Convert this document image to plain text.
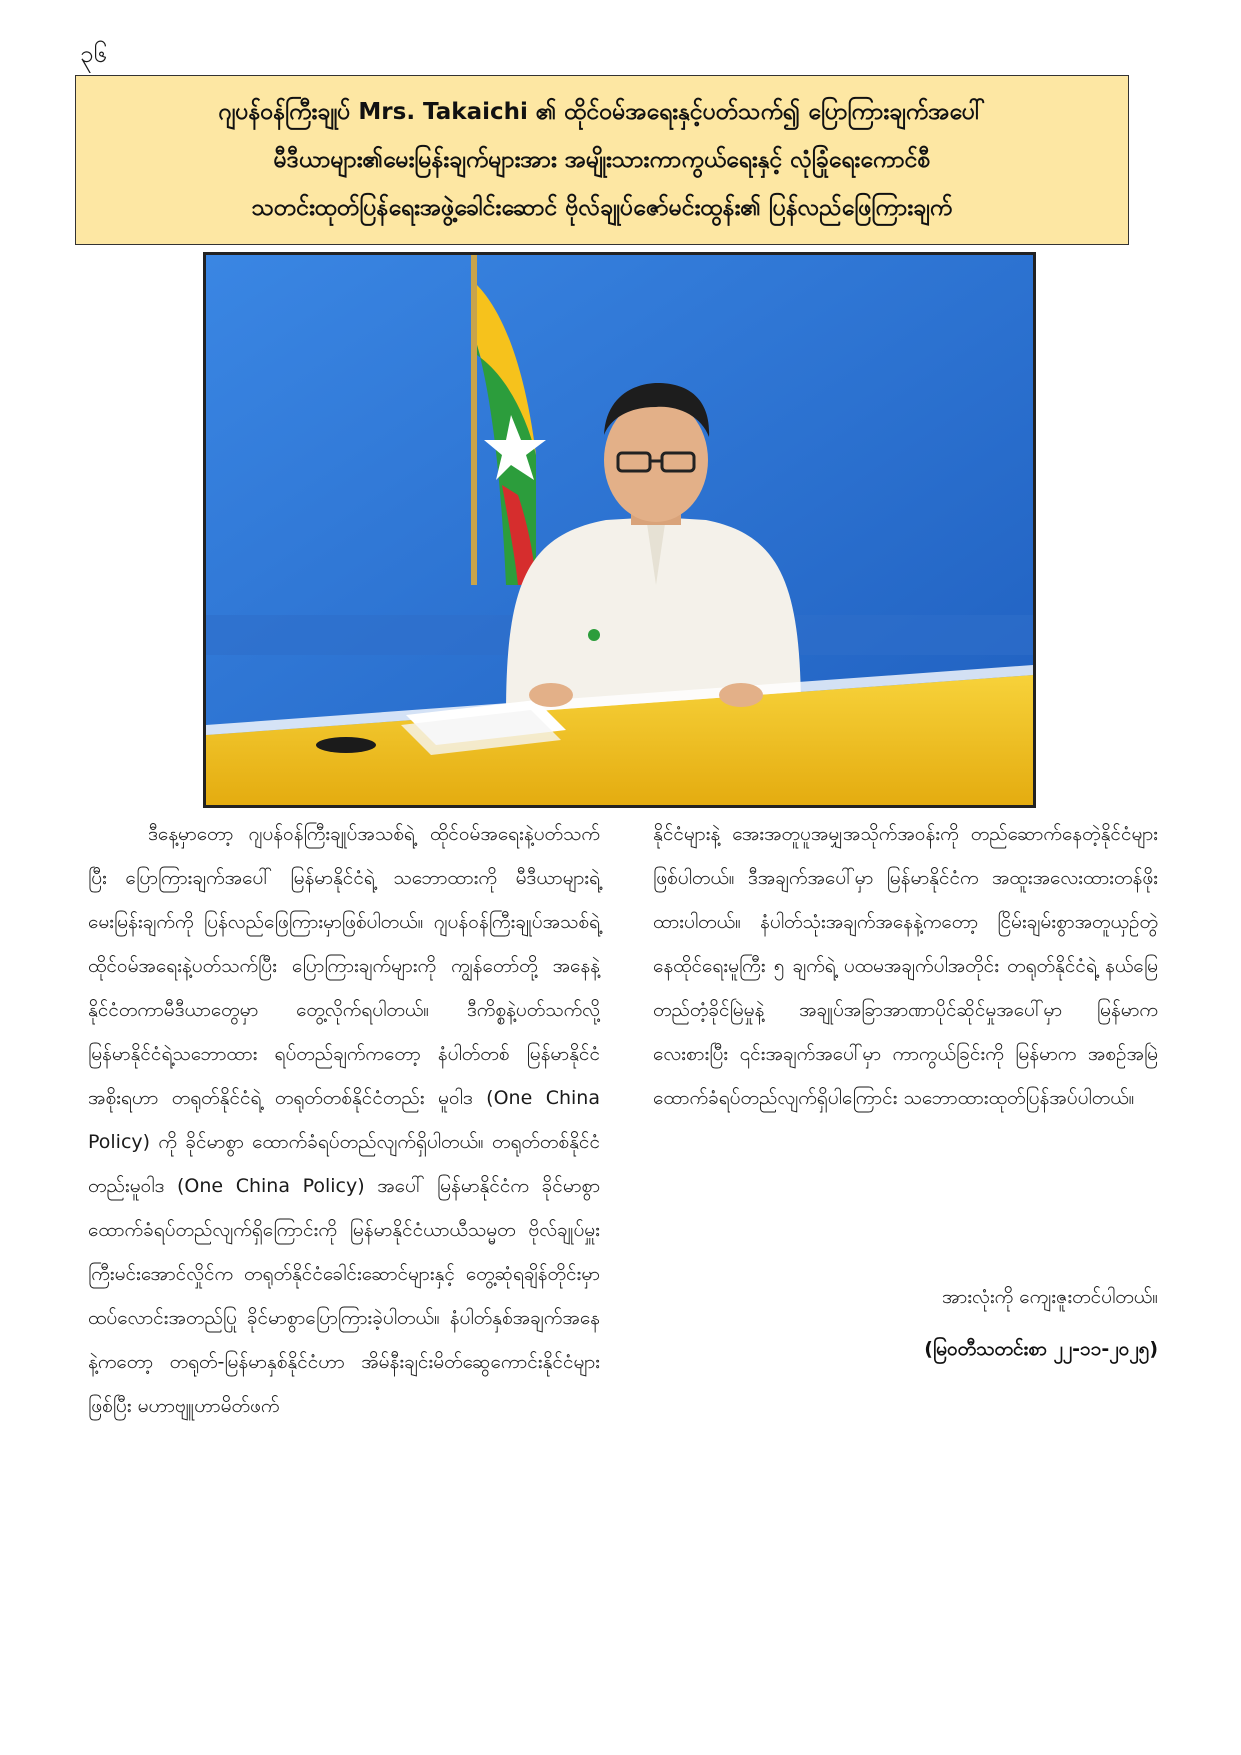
၃၆
ဂျပန်ဝန်ကြီးချုပ် Mrs. Takaichi ၏ ထိုင်ဝမ်အရေးနှင့်ပတ်သက်၍ ပြောကြားချက်အပေါ်
မီဒီယာများ၏မေးမြန်းချက်များအား အမျိုးသားကာကွယ်ရေးနှင့် လုံခြုံရေးကောင်စီ
သတင်းထုတ်ပြန်ရေးအဖွဲ့ခေါင်းဆောင် ဗိုလ်ချုပ်ဇော်မင်းထွန်း၏ ပြန်လည်ဖြေကြားချက်

ဒီနေ့မှာတော့ ဂျပန်ဝန်ကြီးချုပ်အသစ်ရဲ့ ထိုင်ဝမ်အရေးနဲ့ပတ်သက်ပြီး ပြောကြားချက်အပေါ် မြန်မာနိုင်ငံရဲ့ သဘောထားကို မီဒီယာများရဲ့ မေးမြန်းချက်ကို ပြန်လည်ဖြေကြားမှာဖြစ်ပါတယ်။ ဂျပန်ဝန်ကြီးချုပ်အသစ်ရဲ့ ထိုင်ဝမ်အရေးနဲ့ပတ်သက်ပြီး ပြောကြားချက်များကို ကျွန်တော်တို့ အနေနဲ့ နိုင်ငံတကာမီဒီယာတွေမှာ တွေ့လိုက်ရပါတယ်။ ဒီကိစ္စနဲ့ပတ်သက်လို့ မြန်မာနိုင်ငံရဲ့သဘောထား ရပ်တည်ချက်ကတော့ နံပါတ်တစ် မြန်မာနိုင်ငံအစိုးရဟာ တရုတ်နိုင်ငံရဲ့ တရုတ်တစ်နိုင်ငံတည်း မူဝါဒ (One China Policy) ကို ခိုင်မာစွာ ထောက်ခံရပ်တည်လျက်ရှိပါတယ်။ တရုတ်တစ်နိုင်ငံတည်းမူဝါဒ (One China Policy) အပေါ် မြန်မာနိုင်ငံက ခိုင်မာစွာ ထောက်ခံရပ်တည်လျက်ရှိကြောင်းကို မြန်မာနိုင်ငံယာယီသမ္မတ ဗိုလ်ချုပ်မှူးကြီးမင်းအောင်လှိုင်က တရုတ်နိုင်ငံခေါင်းဆောင်များနှင့် တွေ့ဆုံရချိန်တိုင်းမှာ ထပ်လောင်းအတည်ပြု ခိုင်မာစွာပြောကြားခဲ့ပါတယ်။ နံပါတ်နှစ်အချက်အနေနဲ့ကတော့ တရုတ်-မြန်မာနှစ်နိုင်ငံဟာ အိမ်နီးချင်းမိတ်ဆွေကောင်းနိုင်ငံများဖြစ်ပြီး မဟာဗျူဟာမိတ်ဖက်

နိုင်ငံများနဲ့ အေးအတူပူအမျှအသိုက်အဝန်းကို တည်ဆောက်နေတဲ့နိုင်ငံများဖြစ်ပါတယ်။ ဒီအချက်အပေါ်မှာ မြန်မာနိုင်ငံက အထူးအလေးထားတန်ဖိုးထားပါတယ်။ နံပါတ်သုံးအချက်အနေနဲ့ကတော့ ငြိမ်းချမ်းစွာအတူယှဉ်တွဲနေထိုင်ရေးမူကြီး ၅ ချက်ရဲ့ ပထမအချက်ပါအတိုင်း တရုတ်နိုင်ငံရဲ့ နယ်မြေတည်တံ့ခိုင်မြဲမှုနဲ့ အချုပ်အခြာအာဏာပိုင်ဆိုင်မှုအပေါ်မှာ မြန်မာက လေးစားပြီး ၎င်းအချက်အပေါ်မှာ ကာကွယ်ခြင်းကို မြန်မာက အစဉ်အမြဲထောက်ခံရပ်တည်လျက်ရှိပါကြောင်း သဘောထားထုတ်ပြန်အပ်ပါတယ်။

အားလုံးကို ကျေးဇူးတင်ပါတယ်။
(မြဝတီသတင်းစာ ၂၂-၁၁-၂၀၂၅)
